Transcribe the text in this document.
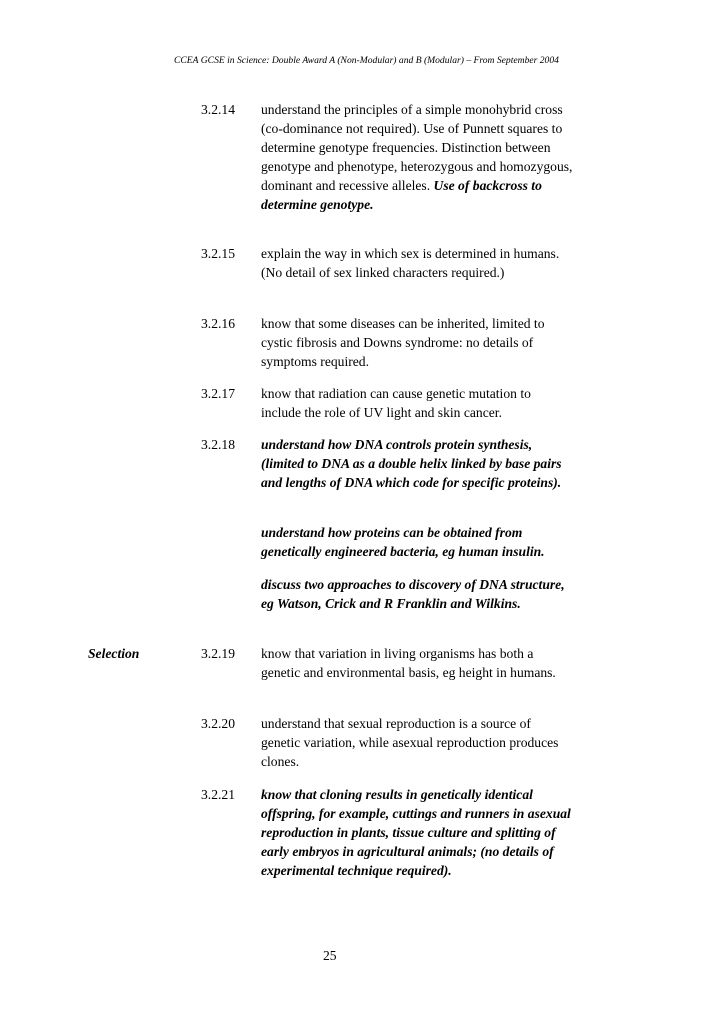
CCEA GCSE in Science: Double Award A (Non-Modular) and B (Modular) – From September 2004
3.2.14 understand the principles of a simple monohybrid cross (co-dominance not required). Use of Punnett squares to determine genotype frequencies. Distinction between genotype and phenotype, heterozygous and homozygous, dominant and recessive alleles. Use of backcross to determine genotype.
3.2.15 explain the way in which sex is determined in humans. (No detail of sex linked characters required.)
3.2.16 know that some diseases can be inherited, limited to cystic fibrosis and Downs syndrome: no details of symptoms required.
3.2.17 know that radiation can cause genetic mutation to include the role of UV light and skin cancer.
3.2.18 understand how DNA controls protein synthesis, (limited to DNA as a double helix linked by base pairs and lengths of DNA which code for specific proteins).
understand how proteins can be obtained from genetically engineered bacteria, eg human insulin.
discuss two approaches to discovery of DNA structure, eg Watson, Crick and R Franklin and Wilkins.
Selection	3.2.19 know that variation in living organisms has both a genetic and environmental basis, eg height in humans.
3.2.20 understand that sexual reproduction is a source of genetic variation, while asexual reproduction produces clones.
3.2.21 know that cloning results in genetically identical offspring, for example, cuttings and runners in asexual reproduction in plants, tissue culture and splitting of early embryos in agricultural animals; (no details of experimental technique required).
25
